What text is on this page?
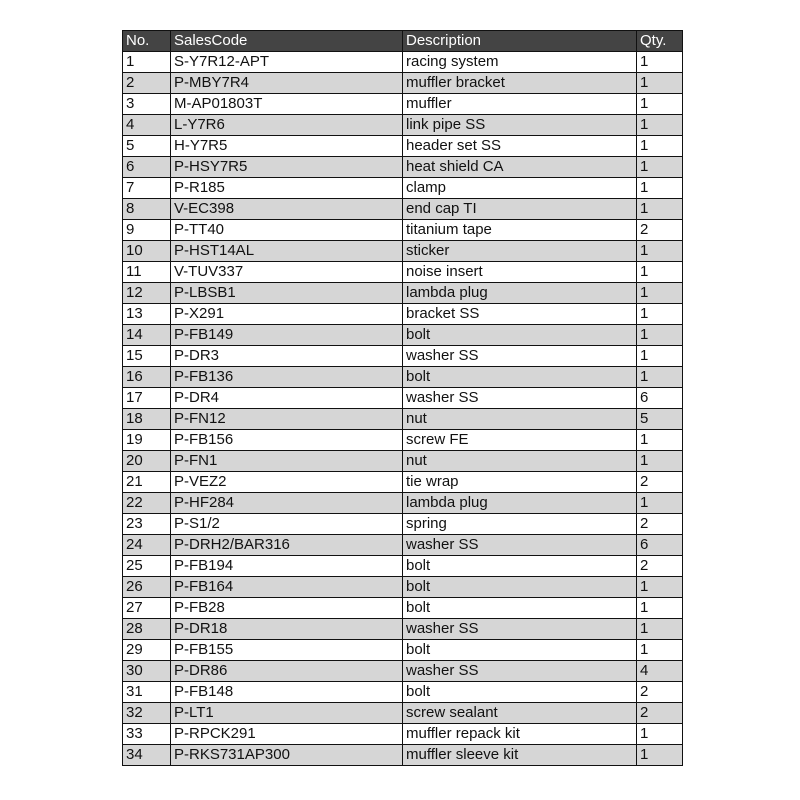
No.	SalesCode	Description	Qty.
1	S-Y7R12-APT	racing system	1
2	P-MBY7R4	muffler bracket	1
3	M-AP01803T	muffler	1
4	L-Y7R6	link pipe SS	1
5	H-Y7R5	header set SS	1
6	P-HSY7R5	heat shield CA	1
7	P-R185	clamp	1
8	V-EC398	end cap TI	1
9	P-TT40	titanium tape	2
10	P-HST14AL	sticker	1
11	V-TUV337	noise insert	1
12	P-LBSB1	lambda plug	1
13	P-X291	bracket SS	1
14	P-FB149	bolt	1
15	P-DR3	washer SS	1
16	P-FB136	bolt	1
17	P-DR4	washer SS	6
18	P-FN12	nut	5
19	P-FB156	screw FE	1
20	P-FN1	nut	1
21	P-VEZ2	tie wrap	2
22	P-HF284	lambda plug	1
23	P-S1/2	spring	2
24	P-DRH2/BAR316	washer SS	6
25	P-FB194	bolt	2
26	P-FB164	bolt	1
27	P-FB28	bolt	1
28	P-DR18	washer SS	1
29	P-FB155	bolt	1
30	P-DR86	washer SS	4
31	P-FB148	bolt	2
32	P-LT1	screw sealant	2
33	P-RPCK291	muffler repack kit	1
34	P-RKS731AP300	muffler sleeve kit	1
